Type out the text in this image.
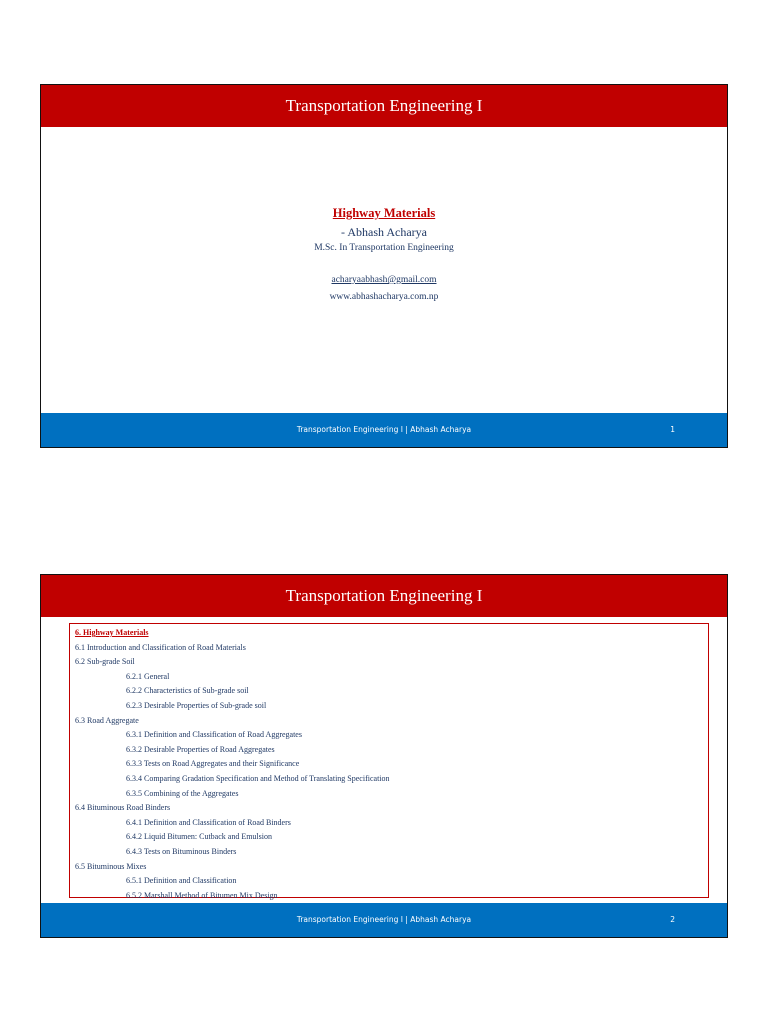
Transportation Engineering I
Highway Materials
- Abhash Acharya
M.Sc. In Transportation Engineering
acharyaabhash@gmail.com
www.abhashacharya.com.np
Transportation Engineering I | Abhash Acharya	1
Transportation Engineering I
6. Highway Materials
6.1 Introduction and Classification of Road Materials
6.2 Sub-grade Soil
6.2.1 General
6.2.2 Characteristics of Sub-grade soil
6.2.3 Desirable Properties of Sub-grade soil
6.3 Road Aggregate
6.3.1 Definition and Classification of Road Aggregates
6.3.2 Desirable Properties of Road Aggregates
6.3.3 Tests on Road Aggregates and their Significance
6.3.4 Comparing Gradation Specification and Method of Translating Specification
6.3.5 Combining of the Aggregates
6.4 Bituminous Road Binders
6.4.1 Definition and Classification of Road Binders
6.4.2 Liquid Bitumen: Cutback and Emulsion
6.4.3 Tests on Bituminous Binders
6.5 Bituminous Mixes
6.5.1 Definition and Classification
6.5.2 Marshall Method of Bitumen Mix Design
Transportation Engineering I | Abhash Acharya	2
